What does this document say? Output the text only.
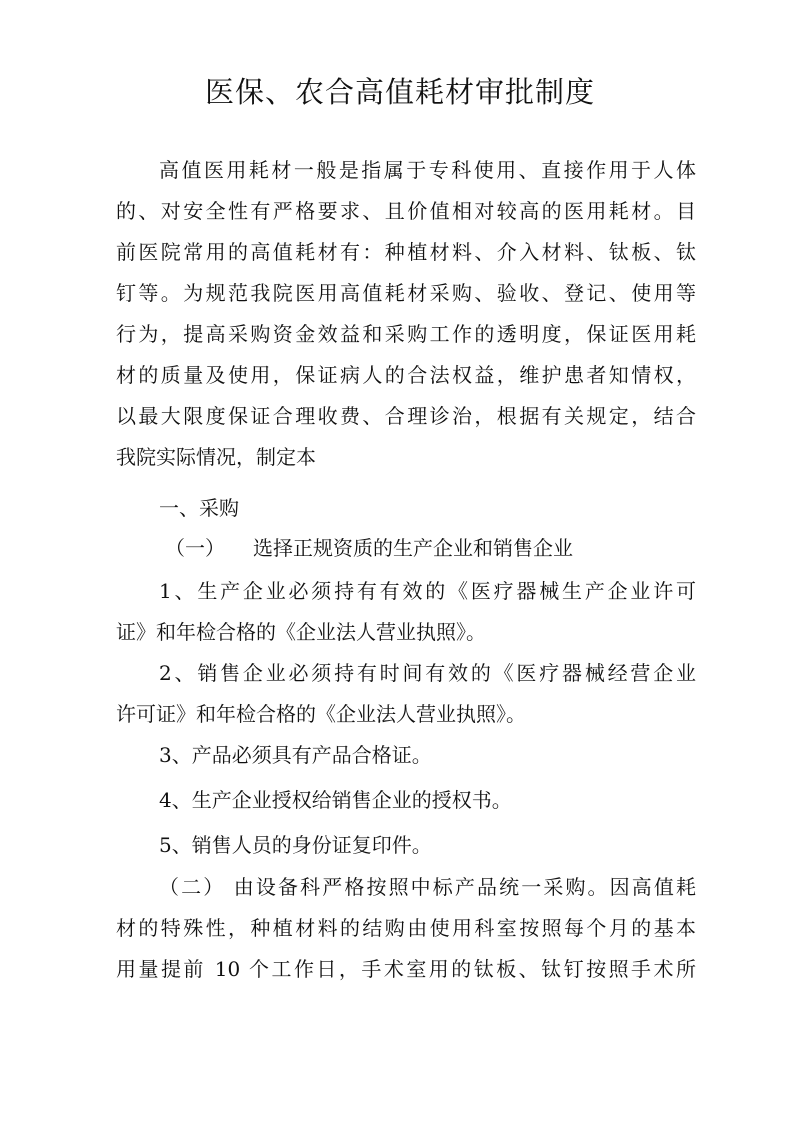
医保、农合高值耗材审批制度
高值医用耗材一般是指属于专科使用、直接作用于人体
的、对安全性有严格要求、且价值相对较高的医用耗材。目
前医院常用的高值耗材有：种植材料、介入材料、钛板、钛
钉等。为规范我院医用高值耗材采购、验收、登记、使用等
行为，提高采购资金效益和采购工作的透明度，保证医用耗
材的质量及使用，保证病人的合法权益，维护患者知情权，
以最大限度保证合理收费、合理诊治，根据有关规定，结合
我院实际情况，制定本
一、采购
（一） 选择正规资质的生产企业和销售企业
1、生产企业必须持有有效的《医疗器械生产企业许可
证》和年检合格的《企业法人营业执照》。
2、销售企业必须持有时间有效的《医疗器械经营企业
许可证》和年检合格的《企业法人营业执照》。
3、产品必须具有产品合格证。
4、生产企业授权给销售企业的授权书。
5、销售人员的身份证复印件。
（二） 由设备科严格按照中标产品统一采购。因高值耗
材的特殊性，种植材料的结购由使用科室按照每个月的基本
用量提前 10 个工作日，手术室用的钛板、钛钉按照手术所
